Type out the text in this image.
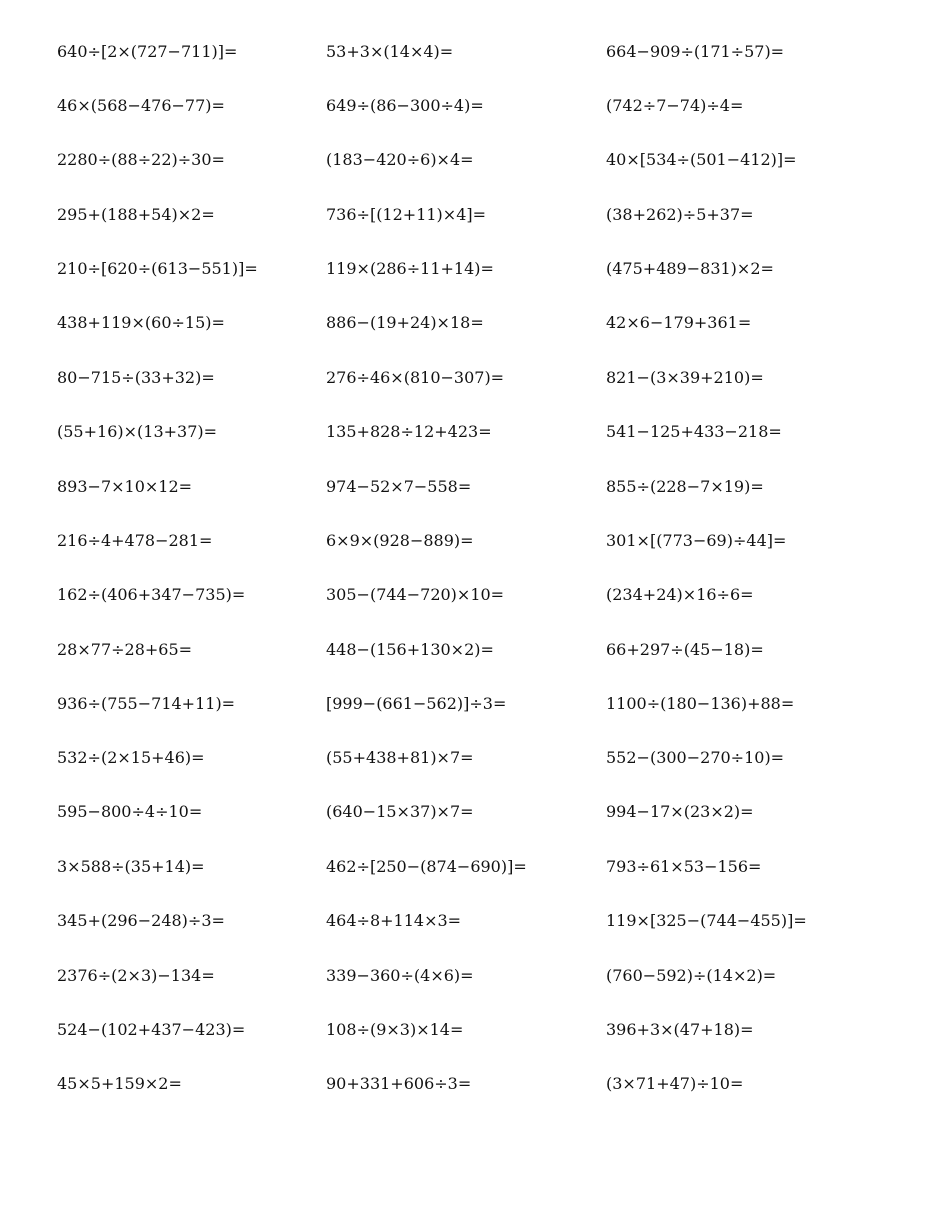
640÷[2×(727−711)]=	53+3×(14×4)=	664−909÷(171÷57)=
46×(568−476−77)=	649÷(86−300÷4)=	(742÷7−74)÷4=
2280÷(88÷22)÷30=	(183−420÷6)×4=	40×[534÷(501−412)]=
295+(188+54)×2=	736÷[(12+11)×4]=	(38+262)÷5+37=
210÷[620÷(613−551)]=	119×(286÷11+14)=	(475+489−831)×2=
438+119×(60÷15)=	886−(19+24)×18=	42×6−179+361=
80−715÷(33+32)=	276÷46×(810−307)=	821−(3×39+210)=
(55+16)×(13+37)=	135+828÷12+423=	541−125+433−218=
893−7×10×12=	974−52×7−558=	855÷(228−7×19)=
216÷4+478−281=	6×9×(928−889)=	301×[(773−69)÷44]=
162÷(406+347−735)=	305−(744−720)×10=	(234+24)×16÷6=
28×77÷28+65=	448−(156+130×2)=	66+297÷(45−18)=
936÷(755−714+11)=	[999−(661−562)]÷3=	1100÷(180−136)+88=
532÷(2×15+46)=	(55+438+81)×7=	552−(300−270÷10)=
595−800÷4÷10=	(640−15×37)×7=	994−17×(23×2)=
3×588÷(35+14)=	462÷[250−(874−690)]=	793÷61×53−156=
345+(296−248)÷3=	464÷8+114×3=	119×[325−(744−455)]=
2376÷(2×3)−134=	339−360÷(4×6)=	(760−592)÷(14×2)=
524−(102+437−423)=	108÷(9×3)×14=	396+3×(47+18)=
45×5+159×2=	90+331+606÷3=	(3×71+47)÷10=
